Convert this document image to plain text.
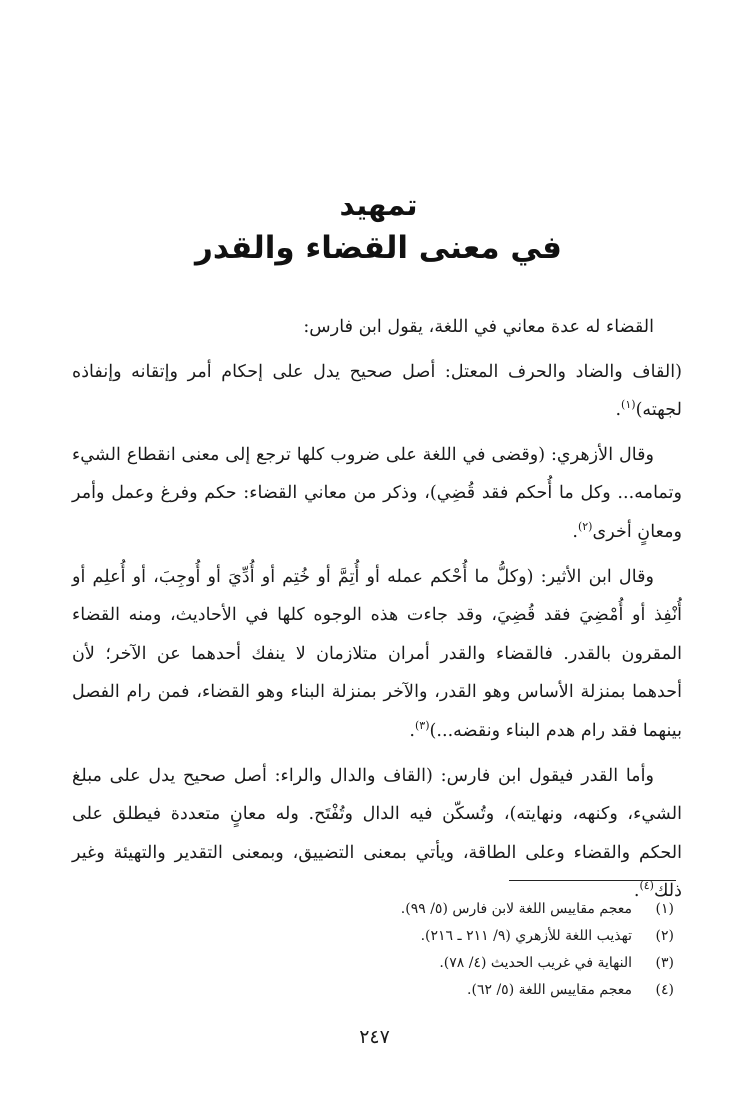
تمهيد
في معنى القضاء والقدر

القضاء له عدة معاني في اللغة، يقول ابن فارس:

(القاف والضاد والحرف المعتل: أصل صحيح يدل على إحكام أمر وإتقانه وإنفاذه لجهته)$^{(١)}$.

وقال الأزهري: (وقضى في اللغة على ضروب كلها ترجع إلى معنى انقطاع الشيء وتمامه... وكل ما أُحكم فقد قُضِي)، وذكر من معاني القضاء: حكم وفرغ وعمل وأمر ومعانٍ أخرى$^{(٢)}$.

وقال ابن الأثير: (وكلُّ ما أُحْكم عمله أو أُتِمَّ أو خُتِم أو أُدِّيَ أو أُوجِبَ، أو أُعلِم أو أُنْفِذ أو أُمْضِيَ فقد قُضِيَ، وقد جاءت هذه الوجوه كلها في الأحاديث، ومنه القضاء المقرون بالقدر. فالقضاء والقدر أمران متلازمان لا ينفك أحدهما عن الآخر؛ لأن أحدهما بمنزلة الأساس وهو القدر، والآخر بمنزلة البناء وهو القضاء، فمن رام الفصل بينهما فقد رام هدم البناء ونقضه...)$^{(٣)}$.

وأما القدر فيقول ابن فارس: (القاف والدال والراء: أصل صحيح يدل على مبلغ الشيء، وكنهه، ونهايته)، وتُسكّن فيه الدال وتُفْتَح. وله معانٍ متعددة فيطلق على الحكم والقضاء وعلى الطاقة، ويأتي بمعنى التضييق، وبمعنى التقدير والتهيئة وغير ذلك$^{(٤)}$.

(١)معجم مقاييس اللغة لابن فارس (٥/ ٩٩).
(٢)تهذيب اللغة للأزهري (٩/ ٢١١ ـ ٢١٦).
(٣)النهاية في غريب الحديث (٤/ ٧٨).
(٤)معجم مقاييس اللغة (٥/ ٦٢).

٢٤٧
